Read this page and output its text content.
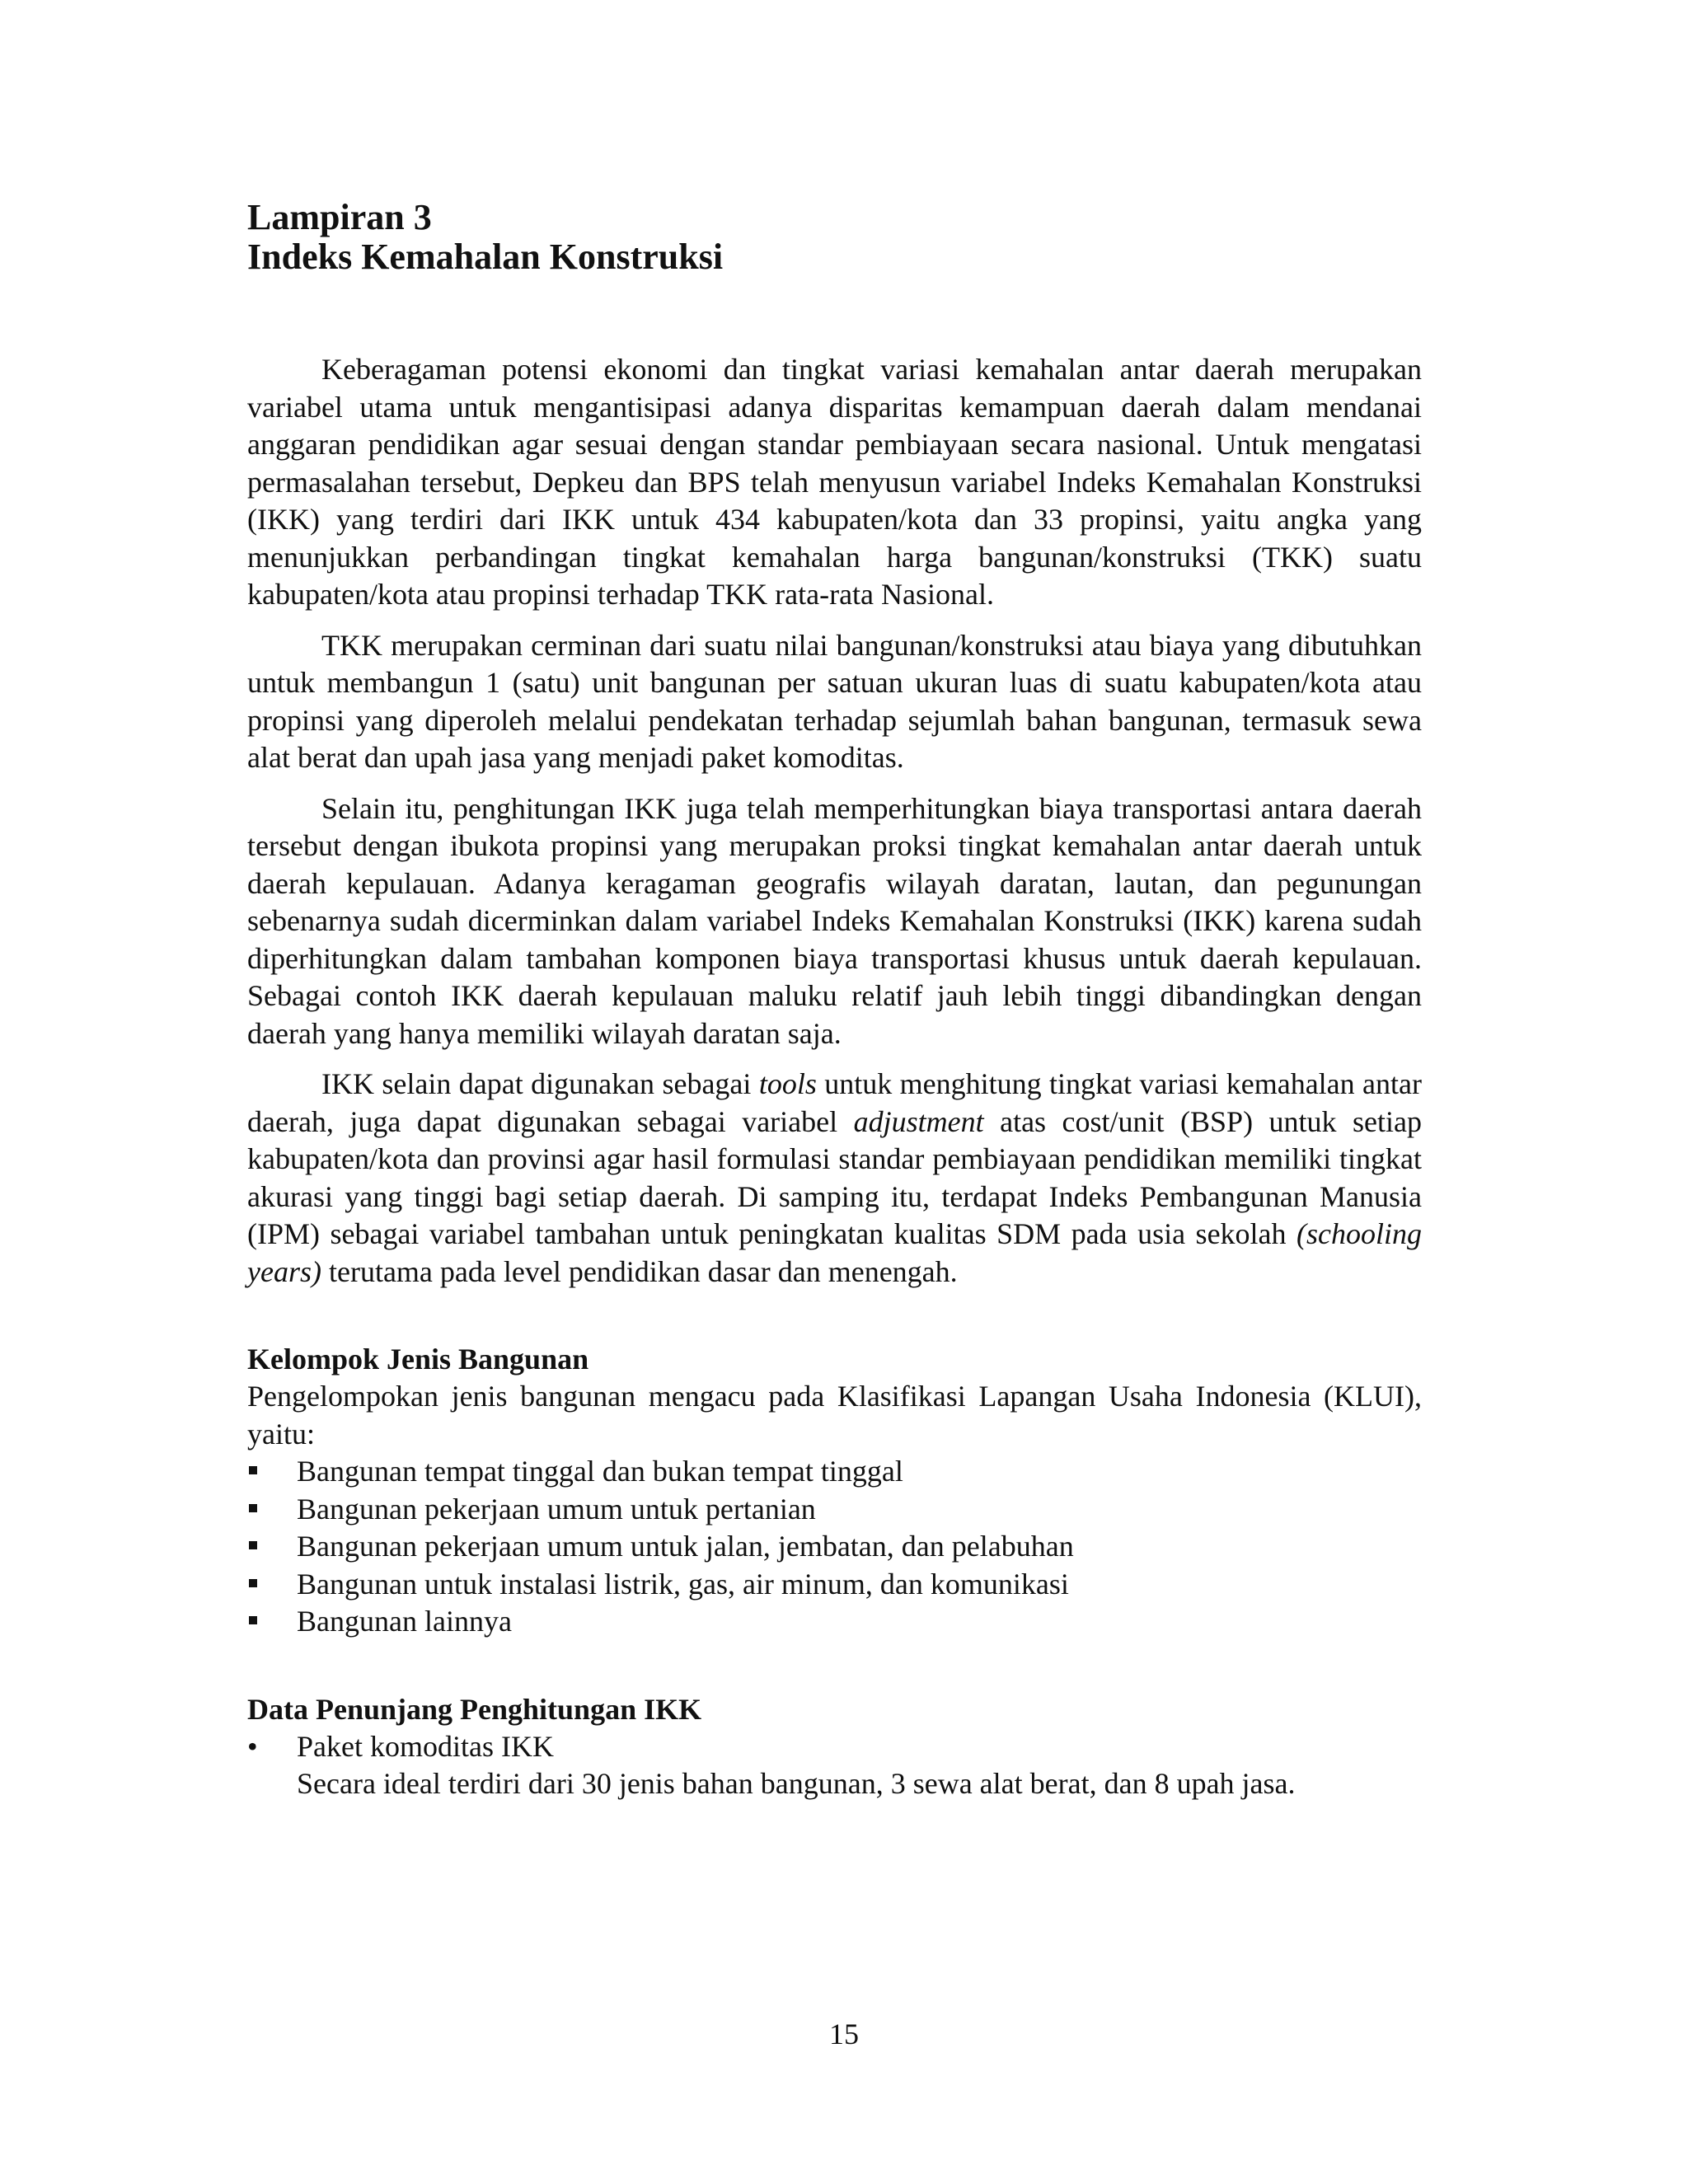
Lampiran 3
Indeks Kemahalan Konstruksi

Keberagaman potensi ekonomi dan tingkat variasi kemahalan antar daerah merupakan variabel utama untuk mengantisipasi adanya disparitas kemampuan daerah dalam mendanai anggaran pendidikan agar sesuai dengan standar pembiayaan secara nasional. Untuk mengatasi permasalahan tersebut, Depkeu dan BPS telah menyusun variabel Indeks Kemahalan Konstruksi (IKK) yang terdiri dari IKK untuk 434 kabupaten/kota dan 33 propinsi, yaitu angka yang menunjukkan perbandingan tingkat kemahalan harga bangunan/konstruksi (TKK) suatu kabupaten/kota atau propinsi terhadap TKK rata-rata Nasional.

TKK merupakan cerminan dari suatu nilai bangunan/konstruksi atau biaya yang dibutuhkan untuk membangun 1 (satu) unit bangunan per satuan ukuran luas di suatu kabupaten/kota atau propinsi yang diperoleh melalui pendekatan terhadap sejumlah bahan bangunan, termasuk sewa alat berat dan upah jasa yang menjadi paket komoditas.

Selain itu, penghitungan IKK juga telah memperhitungkan biaya transportasi antara daerah tersebut dengan ibukota propinsi yang merupakan proksi tingkat kemahalan antar daerah untuk daerah kepulauan. Adanya keragaman geografis wilayah daratan, lautan, dan pegunungan sebenarnya sudah dicerminkan dalam variabel Indeks Kemahalan Konstruksi (IKK) karena sudah diperhitungkan dalam tambahan komponen biaya transportasi khusus untuk daerah kepulauan. Sebagai contoh IKK daerah kepulauan maluku relatif jauh lebih tinggi dibandingkan dengan daerah yang hanya memiliki wilayah daratan saja.

IKK selain dapat digunakan sebagai tools untuk menghitung tingkat variasi kemahalan antar daerah, juga dapat digunakan sebagai variabel adjustment atas cost/unit (BSP) untuk setiap kabupaten/kota dan provinsi agar hasil formulasi standar pembiayaan pendidikan memiliki tingkat akurasi yang tinggi bagi setiap daerah. Di samping itu, terdapat Indeks Pembangunan Manusia (IPM) sebagai variabel tambahan untuk peningkatan kualitas SDM pada usia sekolah (schooling years) terutama pada level pendidikan dasar dan menengah.

Kelompok Jenis Bangunan

Pengelompokan jenis bangunan mengacu pada Klasifikasi Lapangan Usaha Indonesia (KLUI), yaitu:

Bangunan tempat tinggal dan bukan tempat tinggal
Bangunan pekerjaan umum untuk pertanian
Bangunan pekerjaan umum untuk jalan, jembatan, dan pelabuhan
Bangunan untuk instalasi listrik, gas, air minum, dan komunikasi
Bangunan lainnya
Data Penunjang Penghitungan IKK
•	Paket komoditas IKK
Secara ideal terdiri dari 30 jenis bahan bangunan, 3 sewa alat berat, dan 8 upah jasa.
15
